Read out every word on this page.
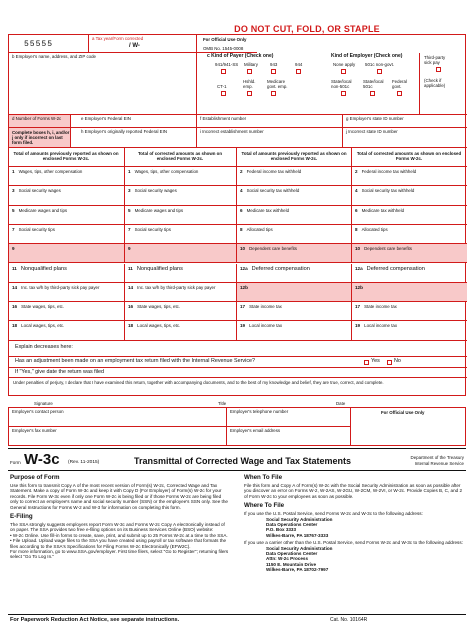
DO NOT CUT, FOLD, OR STAPLE
55555
a Tax year/Form corrected
/ W-
For Official Use Only
OMB No. 1545-0008
b Employer's name, address, and ZIP code	c Kind of Payer (Check one)
941/941-SS Military	943	944
CT-1
Hshld. emp.
Medicare govt. emp.
Kind of Employer (Check one)
None apply	501c non-govt.
State/local non-501c
State/local 501c
Federal govt.
Third-party
sick pay
(Check if
applicable)
d Number of Forms W-2c	e Employer's Federal EIN	f Establishment number	g Employer's state ID number
Complete boxes h, i, and/or j only if incorrect on last form filed.
h Employer's originally reported Federal EIN	i Incorrect establishment number	j Incorrect state ID number
Total of amounts previously reported as shown on enclosed Forms W-2c.
Total of corrected amounts as shown on enclosed Forms W-2c.
Total of amounts previously reported as shown on enclosed Forms W-2c.
Total of corrected amounts as shown on enclosed Forms W-2c.
1 Wages, tips, other compensation	1 Wages, tips, other compensation	2 Federal income tax withheld	2 Federal income tax withheld
3 Social security wages	3 Social security wages	4 Social security tax withheld	4 Social security tax withheld
5 Medicare wages and tips	5 Medicare wages and tips	6 Medicare tax withheld	6 Medicare tax withheld
7 Social security tips	7 Social security tips	8 Allocated tips	8 Allocated tips
9	9	10 Dependent care benefits	10 Dependent care benefits
11 Nonqualified plans	11 Nonqualified plans	12a Deferred compensation	12a Deferred compensation
14 Inc. tax w/h by third-party sick pay payer	14 Inc. tax w/h by third-party sick pay payer	12b	12b
16 State wages, tips, etc.	16 State wages, tips, etc.	17 State income tax	17 State income tax
18 Local wages, tips, etc.	18 Local wages, tips, etc.	19 Local income tax	19 Local income tax
Explain decreases here:
Has an adjustment been made on an employment tax return filed with the Internal Revenue Service?	Yes	No
If "Yes," give date the return was filed
Under penalties of perjury, I declare that I have examined this return, together with accompanying documents, and to the best of my knowledge and belief, they are true, correct, and complete.
Signature	Title	Date
Employer's contact person	Employer's telephone number	For Official Use Only
Employer's fax number	Employer's email address
Form W-3c (Rev. 11-2015)	Transmittal of Corrected Wage and Tax Statements	Department of the Treasury
Internal Revenue Service
Purpose of Form
Use this form to transmit Copy A of the most recent version of Form(s) W-2c, Corrected Wage and Tax Statement. Make a copy of Form W-3c and keep it with Copy D (For Employer) of Form(s) W-2c for your records. File Form W-3c even if only one Form W-2c is being filed or if those Forms W-2c are being filed only to correct an employee's name and social security number (SSN) or the employee's SSN only. See the General Instructions for Forms W-2 and W-3 for information on completing this form.
E-Filing
The SSA strongly suggests employers report Form W-3c and Forms W-2c Copy A electronically instead of on paper. The SSA provides two free e-filing options on its Business Services Online (BSO) website:
• W-2c Online. Use fill-in forms to create, save, print, and submit up to 25 Forms W-2c at a time to the SSA.
• File Upload. Upload wage files to the SSA you have created using payroll or tax software that formats the files according to the SSA's Specifications for Filing Forms W-2c Electronically (EFW2C).
For more information, go to www.SSA.gov/employer. First time filers, select "Go to Register"; returning filers select "Go To Log In."
When To File
File this form and Copy A of Form(s) W-2c with the Social Security Administration as soon as possible after you discover an error on Forms W-2, W-2AS, W-2GU, W-2CM, W-2VI, or W-2c. Provide Copies B, C, and 2 of Form W-2c to your employees as soon as possible.
Where To File
If you use the U.S. Postal Service, send Forms W-2c and W-3c to the following address:
Social Security Administration
Data Operations Center
P.O. Box 3333
Wilkes-Barre, PA 18767-3333
If you use a carrier other than the U.S. Postal Service, send Forms W-2c and W-3c to the following address:
Social Security Administration
Data Operations Center
Attn: W-2c Process
1150 E. Mountain Drive
Wilkes-Barre, PA 18702-7997
For Paperwork Reduction Act Notice, see separate instructions.	Cat. No. 10164R
